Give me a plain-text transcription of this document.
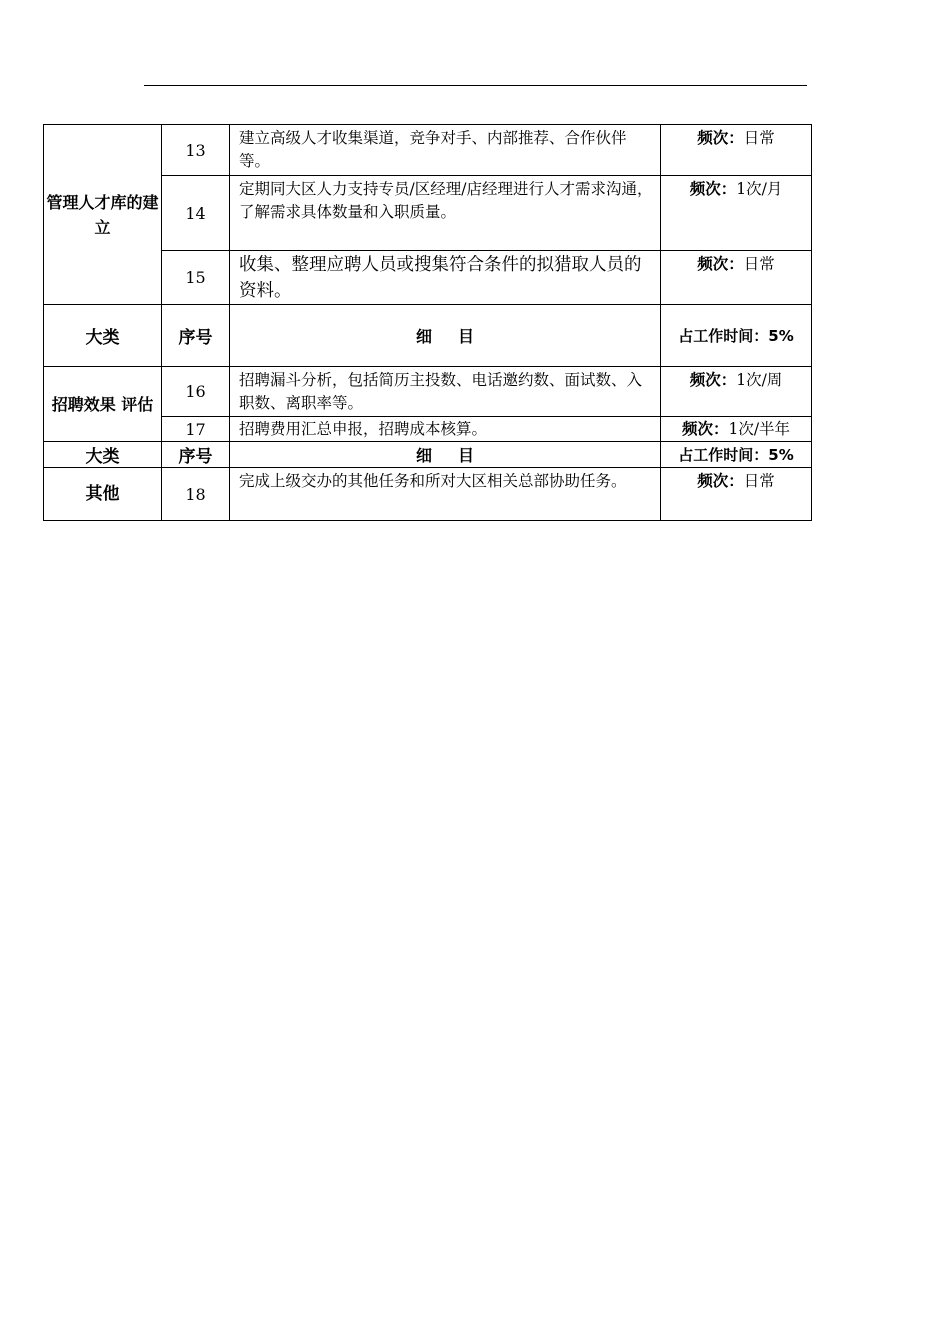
管理人才库的建立	13	建立高级人才收集渠道，竞争对手、内部推荐、合作伙伴等。	频次：日常
	14	定期同大区人力支持专员/区经理/店经理进行人才需求沟通，了解需求具体数量和入职质量。	频次：1次/月
	15	收集、整理应聘人员或搜集符合条件的拟猎取人员的资料。	频次：日常
大类	序号	细 目	占工作时间：5%
招聘效果 评估	16	招聘漏斗分析，包括简历主投数、电话邀约数、面试数、入职数、离职率等。	频次：1次/周
	17	招聘费用汇总申报，招聘成本核算。	频次：1次/半年
大类	序号	细 目	占工作时间：5%
其他	18	完成上级交办的其他任务和所对大区相关总部协助任务。	频次：日常
